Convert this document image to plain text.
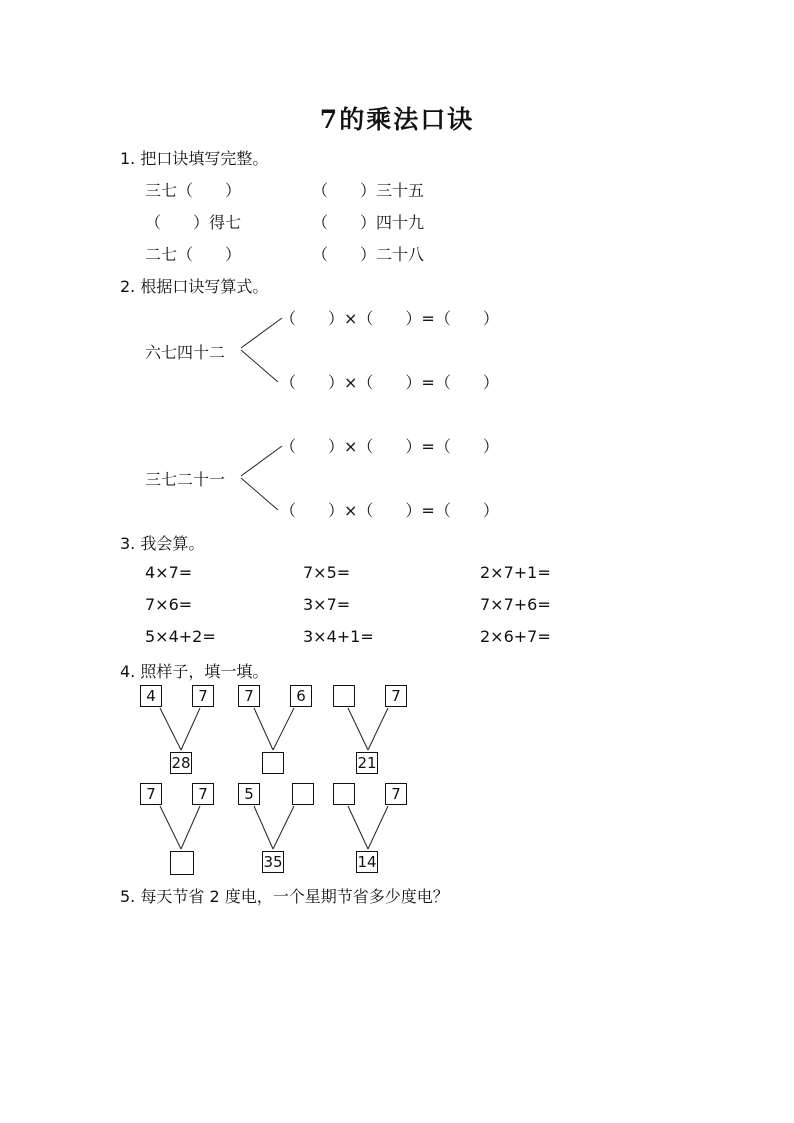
7的乘法口诀
1. 把口诀填写完整。
三七（　　）	（　　）三十五
（　　）得七	（　　）四十九
二七（　　）	（　　）二十八
2. 根据口诀写算式。
六七四十二
（　　）×（　　）=（　　）
（　　）×（　　）=（　　）
三七二十一
（　　）×（　　）=（　　）
（　　）×（　　）=（　　）
3. 我会算。
4×7=	7×5=	2×7+1=
7×6=	3×7=	7×7+6=
5×4+2=	3×4+1=	2×6+7=
4. 照样子，填一填。
4	7
28
7	6	7
21
7	7	5
35
7
14
5. 每天节省 2 度电，一个星期节省多少度电？
